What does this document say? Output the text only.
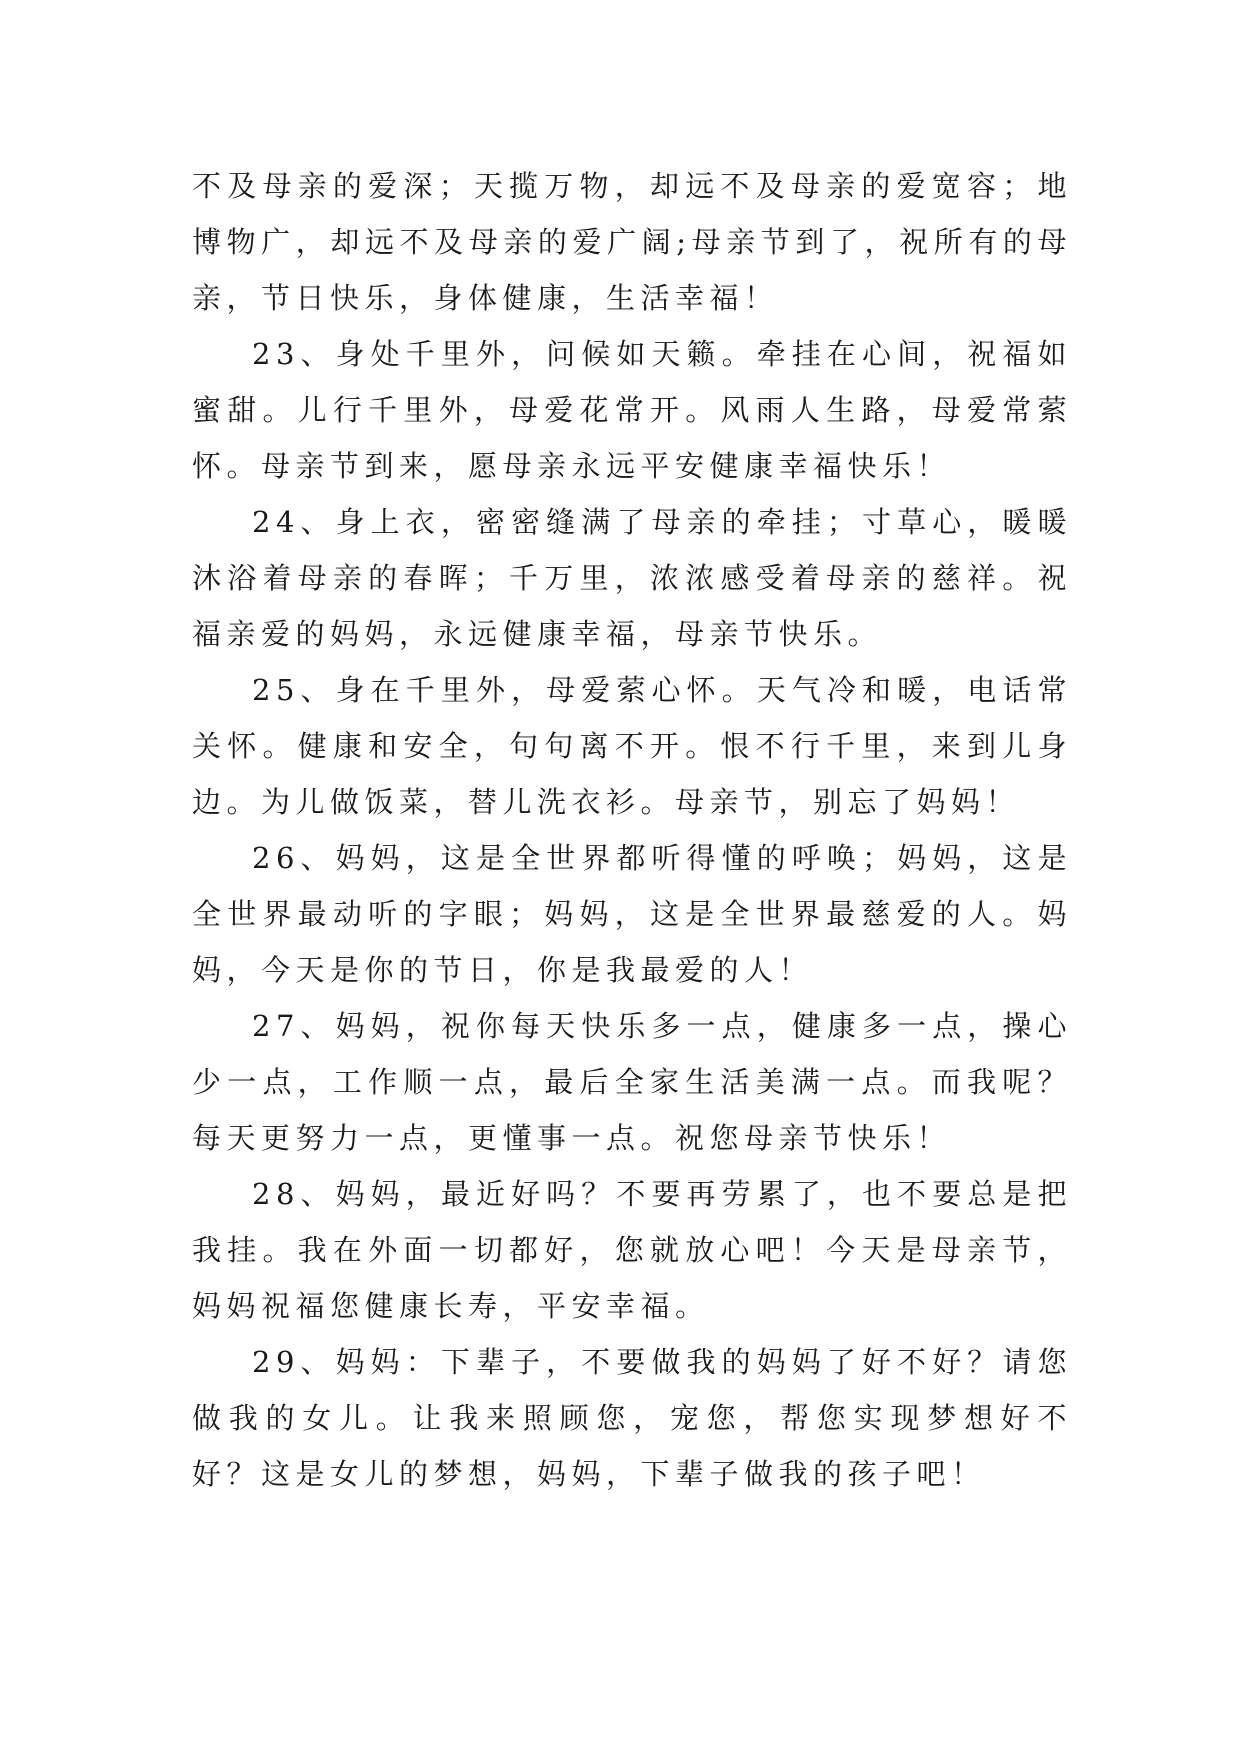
不及母亲的爱深；天揽万物，却远不及母亲的爱宽容；地博物广，却远不及母亲的爱广阔;母亲节到了，祝所有的母亲，节日快乐，身体健康，生活幸福！

23、身处千里外，问候如天籁。牵挂在心间，祝福如蜜甜。儿行千里外，母爱花常开。风雨人生路，母爱常萦怀。母亲节到来，愿母亲永远平安健康幸福快乐！

24、身上衣，密密缝满了母亲的牵挂；寸草心，暖暖沐浴着母亲的春晖；千万里，浓浓感受着母亲的慈祥。祝福亲爱的妈妈，永远健康幸福，母亲节快乐。

25、身在千里外，母爱萦心怀。天气冷和暖，电话常关怀。健康和安全，句句离不开。恨不行千里，来到儿身边。为儿做饭菜，替儿洗衣衫。母亲节，别忘了妈妈！

26、妈妈，这是全世界都听得懂的呼唤；妈妈，这是全世界最动听的字眼；妈妈，这是全世界最慈爱的人。妈妈，今天是你的节日，你是我最爱的人！

27、妈妈，祝你每天快乐多一点，健康多一点，操心少一点，工作顺一点，最后全家生活美满一点。而我呢？每天更努力一点，更懂事一点。祝您母亲节快乐！

28、妈妈，最近好吗？不要再劳累了，也不要总是把我挂。我在外面一切都好，您就放心吧！今天是母亲节，妈妈祝福您健康长寿，平安幸福。

29、妈妈：下辈子，不要做我的妈妈了好不好？请您做我的女儿。让我来照顾您，宠您，帮您实现梦想好不好？这是女儿的梦想，妈妈，下辈子做我的孩子吧！
